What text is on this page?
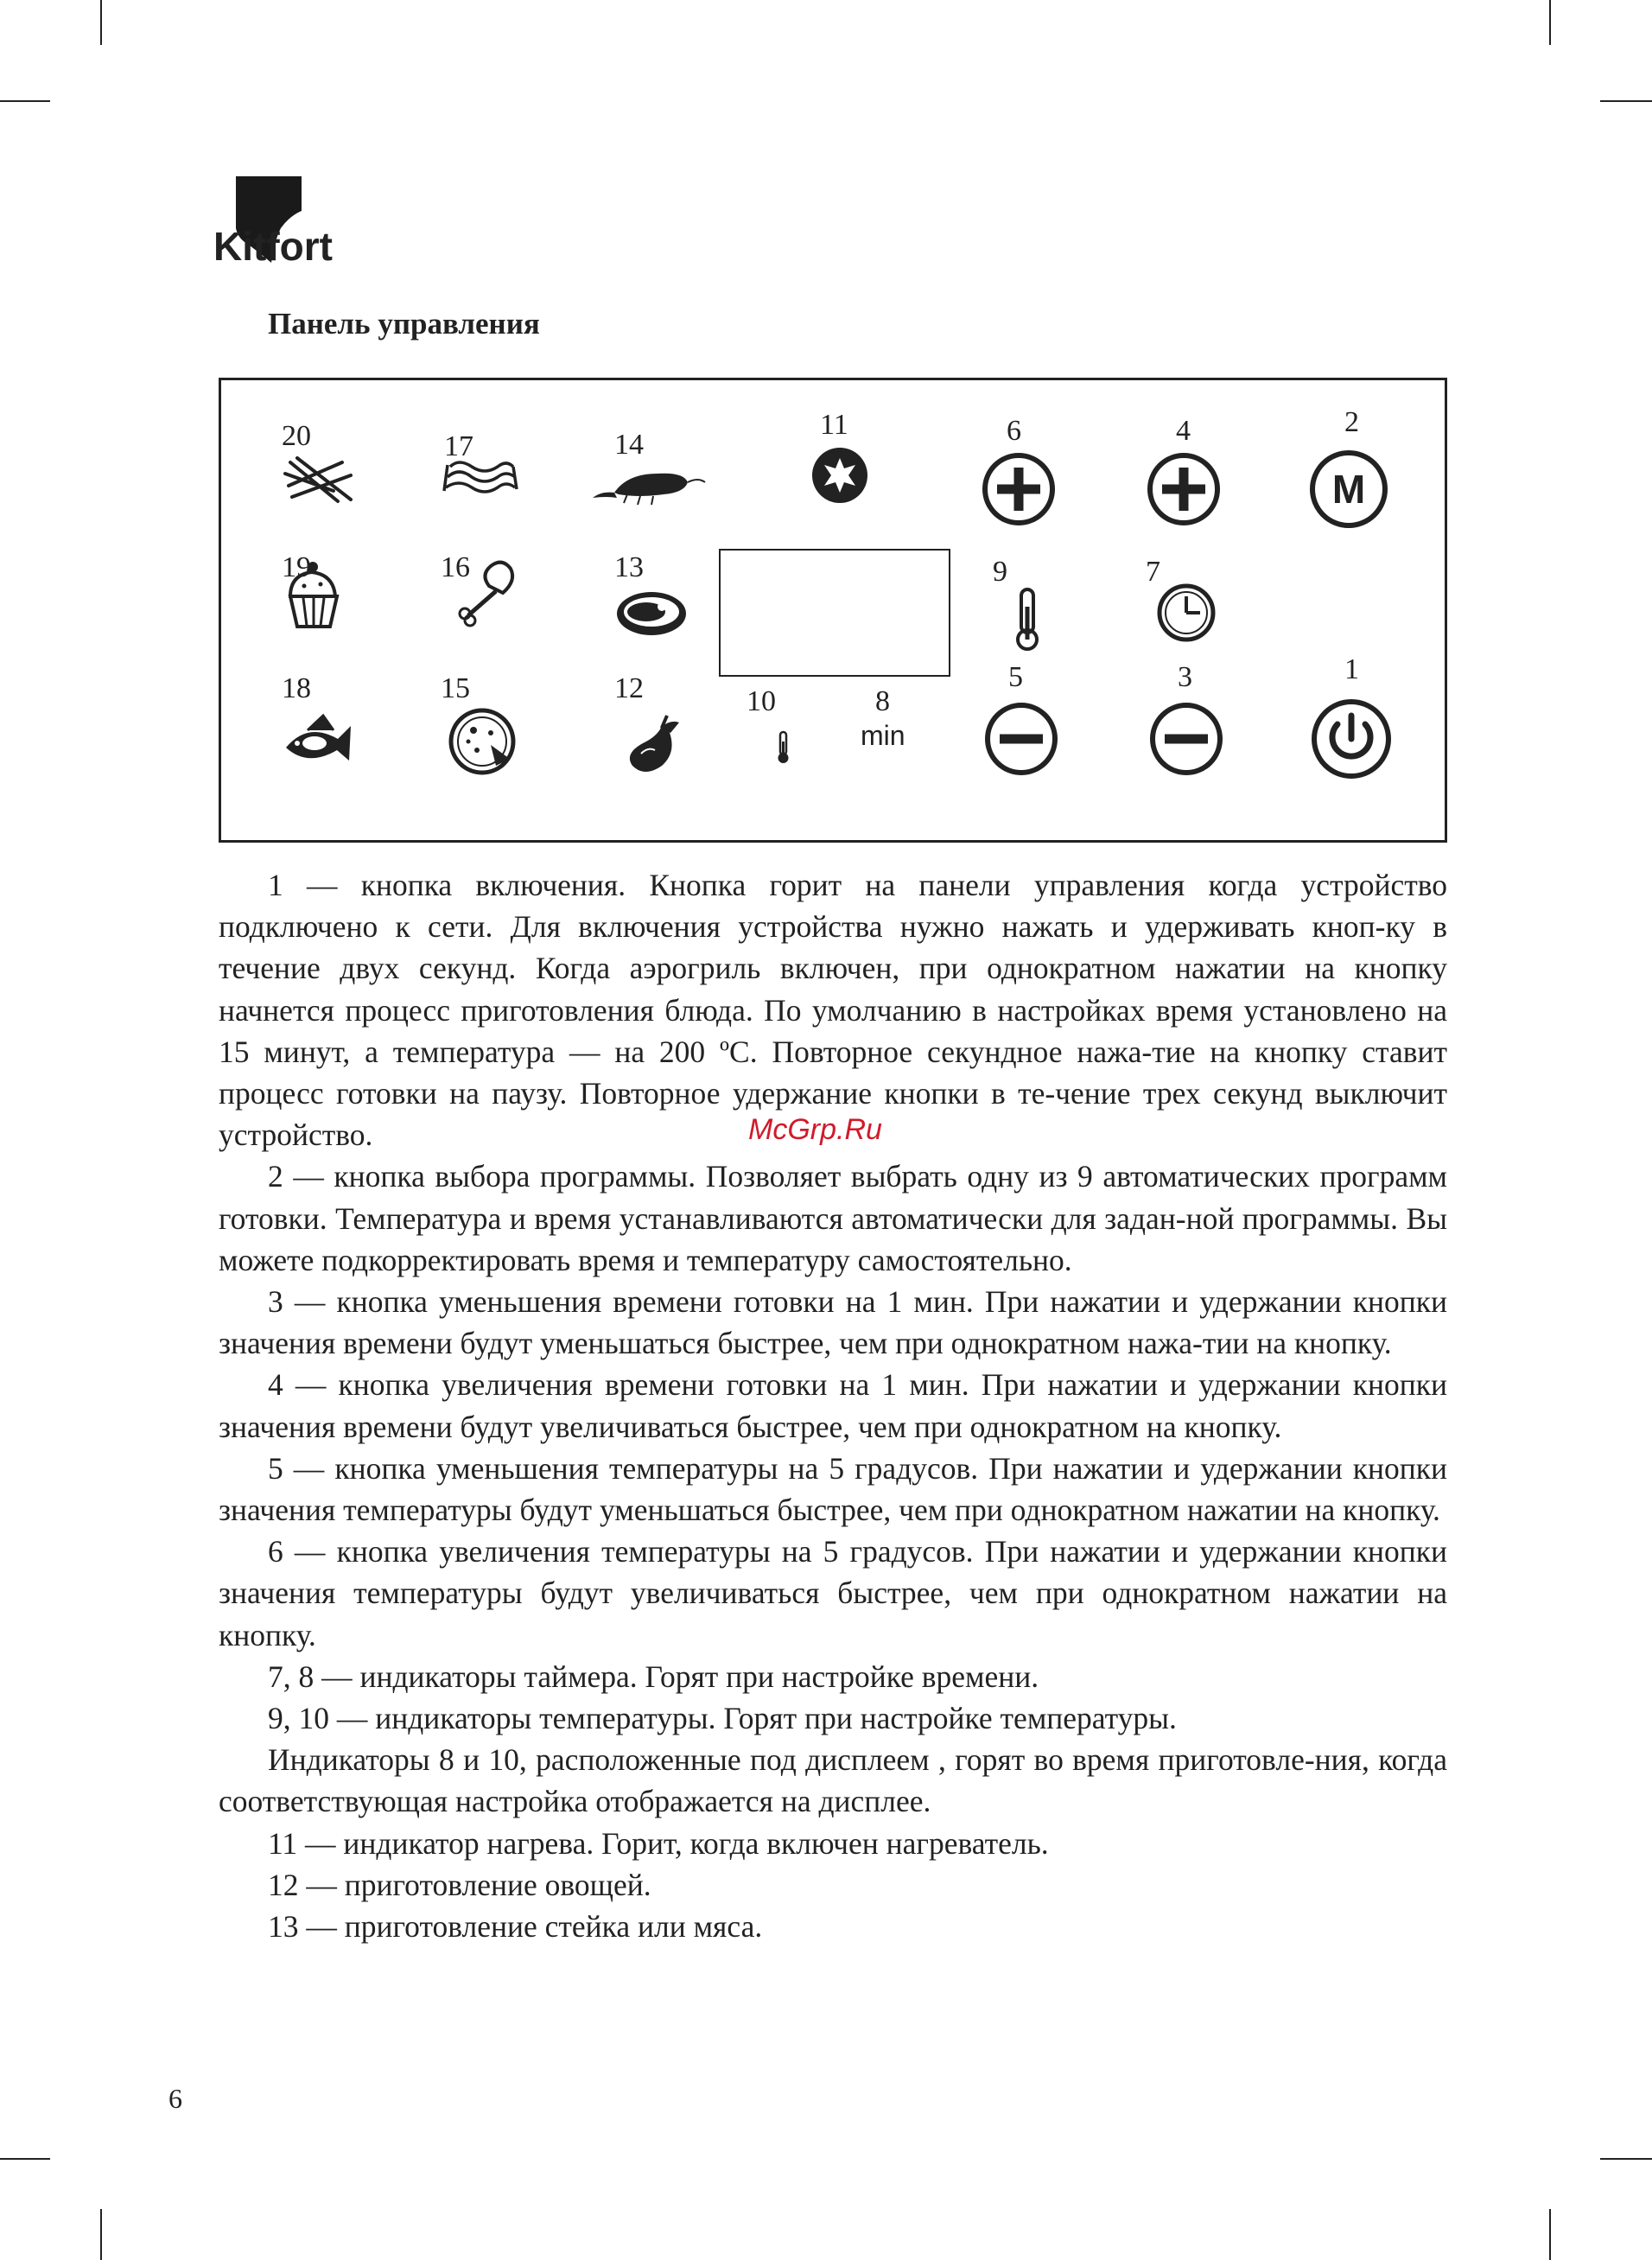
Kitfort
Панель управления
M
20	17	14
11	6	4	2
19	16	13	9	7
18	15	12	10	8
5	3	1
min

1 — кнопка включения. Кнопка горит на панели управления когда устройство подключено к сети. Для включения устройства нужно нажать и удерживать кноп-ку в течение двух секунд. Когда аэрогриль включен, при однократном нажатии на кнопку начнется процесс приготовления блюда. По умолчанию в настройках время установлено на 15 минут, а температура — на 200 ºC. Повторное секундное нажа-тие на кнопку ставит процесс готовки на паузу. Повторное удержание кнопки в те-чение трех секунд выключит устройство.

2 — кнопка выбора программы. Позволяет выбрать одну из 9 автоматических программ готовки. Температура и время устанавливаются автоматически для задан-ной программы. Вы можете подкорректировать время и температуру самостоятельно.

3 — кнопка уменьшения времени готовки на 1 мин. При нажатии и удержании кнопки значения времени будут уменьшаться быстрее, чем при однократном нажа-тии на кнопку.

4 — кнопка увеличения времени готовки на 1 мин. При нажатии и удержании кнопки значения времени будут увеличиваться быстрее, чем при однократном на кнопку.

5 — кнопка уменьшения температуры на 5 градусов. При нажатии и удержании кнопки значения температуры будут уменьшаться быстрее, чем при однократном нажатии на кнопку.

6 — кнопка увеличения температуры на 5 градусов. При нажатии и удержании кнопки значения температуры будут увеличиваться быстрее, чем при однократном нажатии на кнопку.

7, 8 — индикаторы таймера. Горят при настройке времени.

9, 10 — индикаторы температуры. Горят при настройке температуры.

Индикаторы 8 и 10, расположенные под дисплеем , горят во время приготовле-ния, когда соответствующая настройка отображается на дисплее.

11 — индикатор нагрева. Горит, когда включен нагреватель.

12 — приготовление овощей.

13 — приготовление стейка или мяса.

McGrp.Ru
6
